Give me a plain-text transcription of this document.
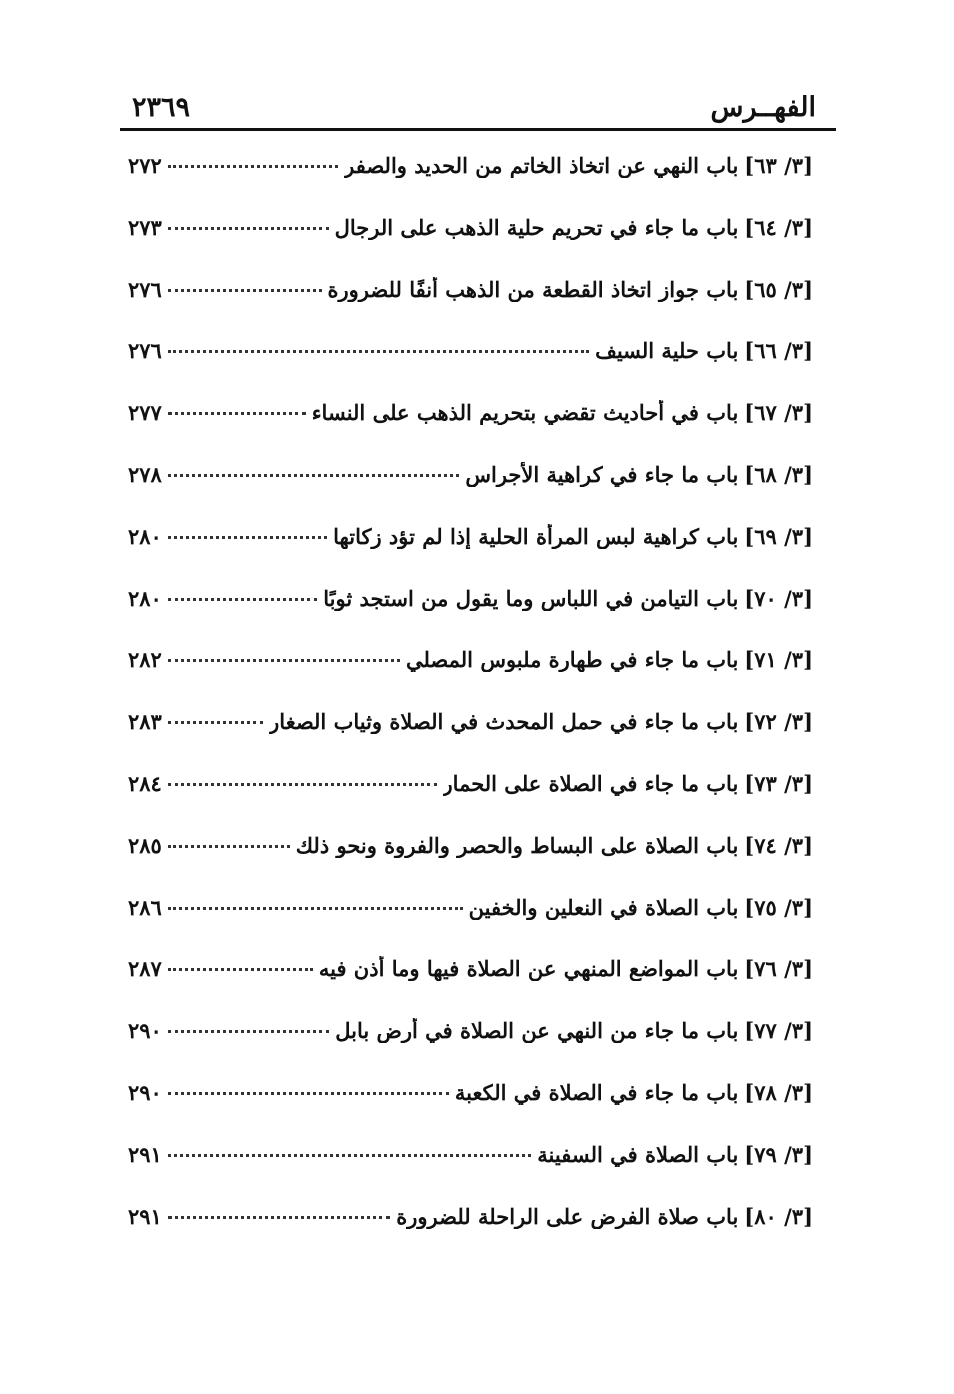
الفهــرس
٢٣٦٩
[٣/ ٦٣]
باب النهي عن اتخاذ الخاتم من الحديد والصفر
٢٧٢
[٣/ ٦٤]
باب ما جاء في تحريم حلية الذهب على الرجال
٢٧٣
[٣/ ٦٥]
باب جواز اتخاذ القطعة من الذهب أنفًا للضرورة
٢٧٦
[٣/ ٦٦]
باب حلية السيف
٢٧٦
[٣/ ٦٧]
باب في أحاديث تقضي بتحريم الذهب على النساء
٢٧٧
[٣/ ٦٨]
باب ما جاء في كراهية الأجراس
٢٧٨
[٣/ ٦٩]
باب كراهية لبس المرأة الحلية إذا لم تؤد زكاتها
٢٨٠
[٣/ ٧٠]
باب التيامن في اللباس وما يقول من استجد ثوبًا
٢٨٠
[٣/ ٧١]
باب ما جاء في طهارة ملبوس المصلي
٢٨٢
[٣/ ٧٢]
باب ما جاء في حمل المحدث في الصلاة وثياب الصغار
٢٨٣
[٣/ ٧٣]
باب ما جاء في الصلاة على الحمار
٢٨٤
[٣/ ٧٤]
باب الصلاة على البساط والحصر والفروة ونحو ذلك
٢٨٥
[٣/ ٧٥]
باب الصلاة في النعلين والخفين
٢٨٦
[٣/ ٧٦]
باب المواضع المنهي عن الصلاة فيها وما أذن فيه
٢٨٧
[٣/ ٧٧]
باب ما جاء من النهي عن الصلاة في أرض بابل
٢٩٠
[٣/ ٧٨]
باب ما جاء في الصلاة في الكعبة
٢٩٠
[٣/ ٧٩]
باب الصلاة في السفينة
٢٩١
[٣/ ٨٠]
باب صلاة الفرض على الراحلة للضرورة
٢٩١
